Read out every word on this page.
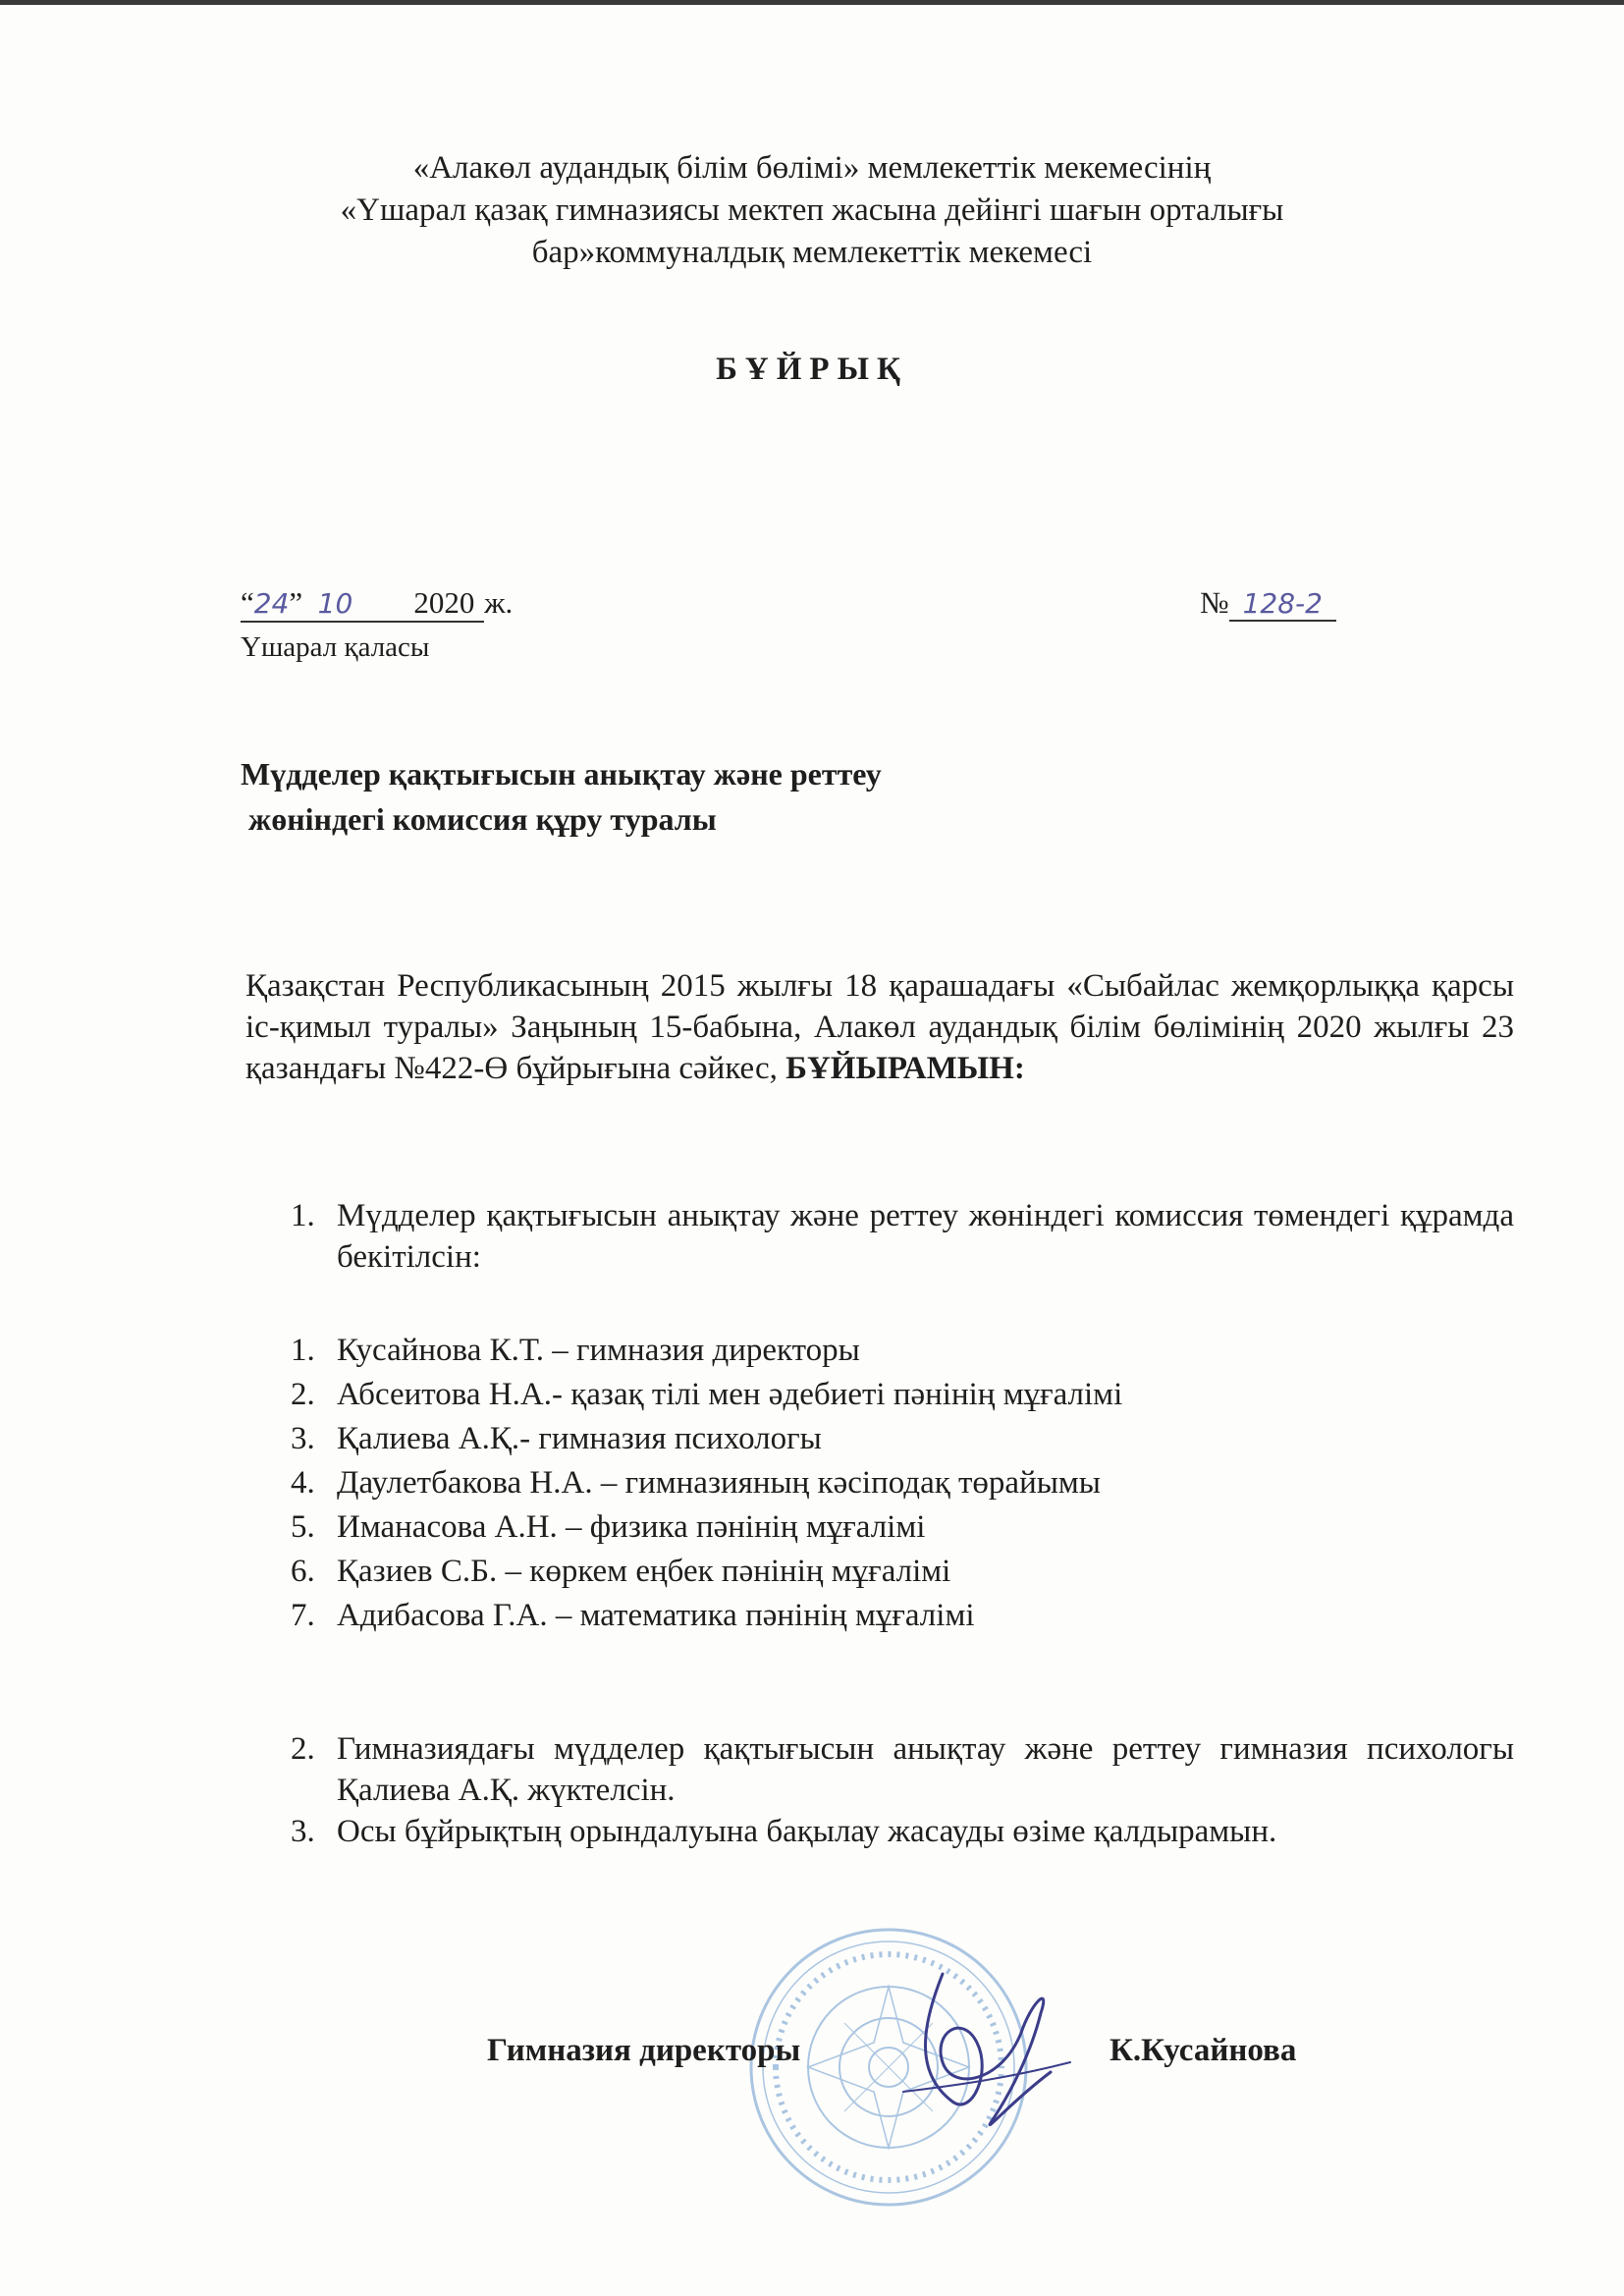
«Алакөл аудандық білім бөлімі» мемлекеттік мекемесінің
«Үшарал қазақ гимназиясы мектеп жасына дейінгі шағын орталығы
бар»коммуналдық мемлекеттік мекемесі
БҰЙРЫҚ
“24”  10 2020 ж.	№ 128-2
Үшарал қаласы
Мүдделер қақтығысын анықтау және реттеу
жөніндегі комиссия құру туралы
Қазақстан Республикасының 2015 жылғы 18 қарашадағы «Сыбайлас жемқорлыққа қарсы іс-қимыл туралы» Заңының 15-бабына, Алакөл аудандық білім бөлімінің 2020 жылғы 23 қазандағы №422-Ө бұйрығына сәйкес, БҰЙЫРАМЫН:
1. Мүдделер қақтығысын анықтау және реттеу жөніндегі комиссия төмендегі құрамда бекітілсін:
1. Кусайнова К.Т. – гимназия директоры
2. Абсеитова Н.А.- қазақ тілі мен әдебиеті пәнінің мұғалімі
3. Қалиева А.Қ.- гимназия психологы
4. Даулетбакова Н.А. – гимназияның кәсіподақ төрайымы
5. Иманасова А.Н. – физика пәнінің мұғалімі
6. Қазиев С.Б. – көркем еңбек пәнінің мұғалімі
7. Адибасова Г.А. – математика пәнінің мұғалімі
2. Гимназиядағы мүдделер қақтығысын анықтау және реттеу гимназия психологы Қалиева А.Қ. жүктелсін.
3. Осы бұйрықтың орындалуына бақылау жасауды өзіме қалдырамын.
Гимназия директоры	К.Кусайнова
